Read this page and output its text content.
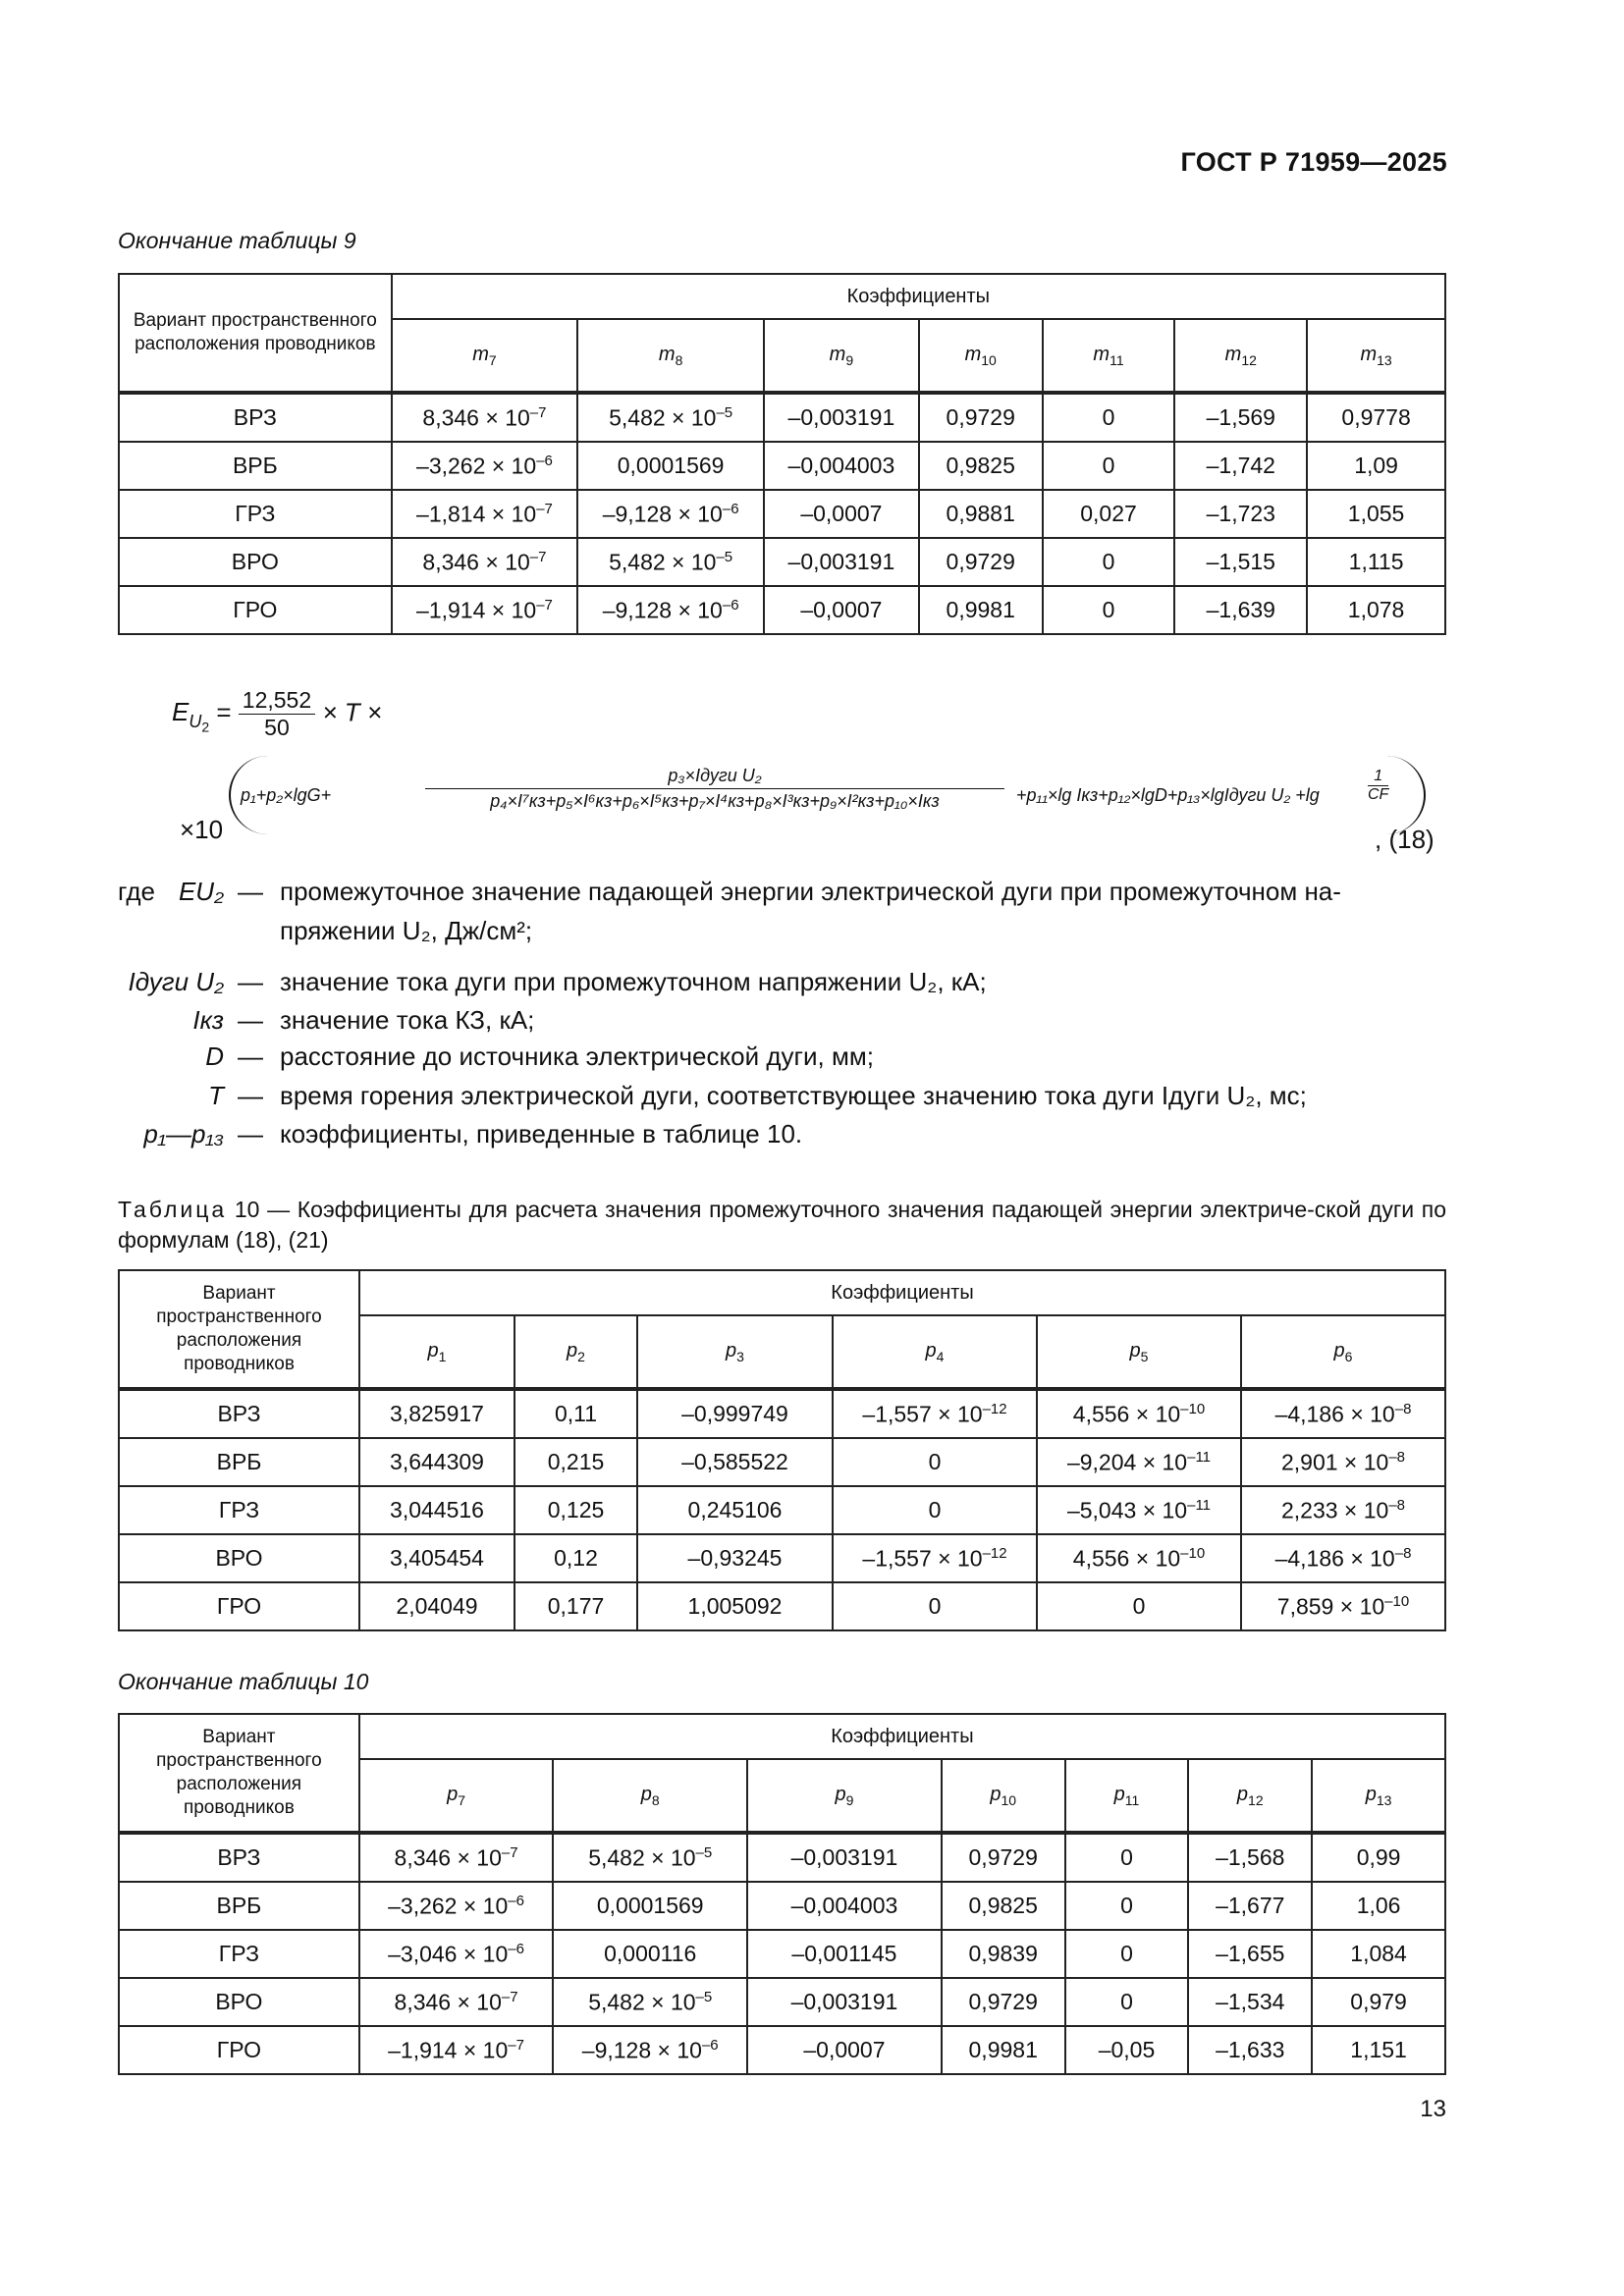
ГОСТ Р 71959—2025
Окончание таблицы 9
Вариант пространственного расположения проводников	Коэффициенты						
	$m_7$	$m_8$	$m_9$	$m_{10}$	$m_{11}$	$m_{12}$	$m_{13}$
ВРЗ	$8,346 \times 10^{-7}$	$5,482 \times 10^{-5}$	–0,003191	0,9729	0	–1,569	0,9778
ВРБ	$-3,262 \times 10^{-6}$	0,0001569	–0,004003	0,9825	0	–1,742	1,09
ГРЗ	$-1,814 \times 10^{-7}$	$-9,128 \times 10^{-6}$	–0,0007	0,9881	0,027	–1,723	1,055
ВРО	$8,346 \times 10^{-7}$	$5,482 \times 10^{-5}$	–0,003191	0,9729	0	–1,515	1,115
ГРО	$-1,914 \times 10^{-7}$	$-9,128 \times 10^{-6}$	–0,0007	0,9981	0	–1,639	1,078
$E_{U_2} = \frac{12,552}{50} \times T$ ×
×10
p₁+p₂×lgG+
p₃×Iдуги U₂
p₄×I⁷кз+p₅×I⁶кз+p₆×I⁵кз+p₇×I⁴кз+p₈×I³кз+p₉×I²кз+p₁₀×Iкз	+p₁₁×lg Iкз+p₁₂×lgD+p₁₃×lgIдуги U₂ +lg
1
CF
, (18)
где EU₂ — промежуточное значение падающей энергии электрической дуги при промежуточном на-
пряжении U₂, Дж/см²;
Iдуги U₂ — значение тока дуги при промежуточном напряжении U₂, кА;
Iкз — значение тока КЗ, кА;
D — расстояние до источника электрической дуги, мм;
T — время горения электрической дуги, соответствующее значению тока дуги Iдуги U₂, мс;
p₁—p₁₃ — коэффициенты, приведенные в таблице 10.
Таблица 10 — Коэффициенты для расчета значения промежуточного значения падающей энергии электриче-ской дуги по формулам (18), (21)
Вариант пространственного расположения проводников	Коэффициенты					
	$p_1$	$p_2$	$p_3$	$p_4$	$p_5$	$p_6$
ВРЗ	3,825917	0,11	–0,999749	$-1,557 \times 10^{-12}$	$4,556 \times 10^{-10}$	$-4,186 \times 10^{-8}$
ВРБ	3,644309	0,215	–0,585522	0	$-9,204 \times 10^{-11}$	$2,901 \times 10^{-8}$
ГРЗ	3,044516	0,125	0,245106	0	$-5,043 \times 10^{-11}$	$2,233 \times 10^{-8}$
ВРО	3,405454	0,12	–0,93245	$-1,557 \times 10^{-12}$	$4,556 \times 10^{-10}$	$-4,186 \times 10^{-8}$
ГРО	2,04049	0,177	1,005092	0	0	$7,859 \times 10^{-10}$
Окончание таблицы 10
Вариант пространственного расположения проводников	Коэффициенты						
	$p_7$	$p_8$	$p_9$	$p_{10}$	$p_{11}$	$p_{12}$	$p_{13}$
ВРЗ	$8,346 \times 10^{-7}$	$5,482 \times 10^{-5}$	–0,003191	0,9729	0	–1,568	0,99
ВРБ	$-3,262 \times 10^{-6}$	0,0001569	–0,004003	0,9825	0	–1,677	1,06
ГРЗ	$-3,046 \times 10^{-6}$	0,000116	–0,001145	0,9839	0	–1,655	1,084
ВРО	$8,346 \times 10^{-7}$	$5,482 \times 10^{-5}$	–0,003191	0,9729	0	–1,534	0,979
ГРО	$-1,914 \times 10^{-7}$	$-9,128 \times 10^{-6}$	–0,0007	0,9981	–0,05	–1,633	1,151
13
